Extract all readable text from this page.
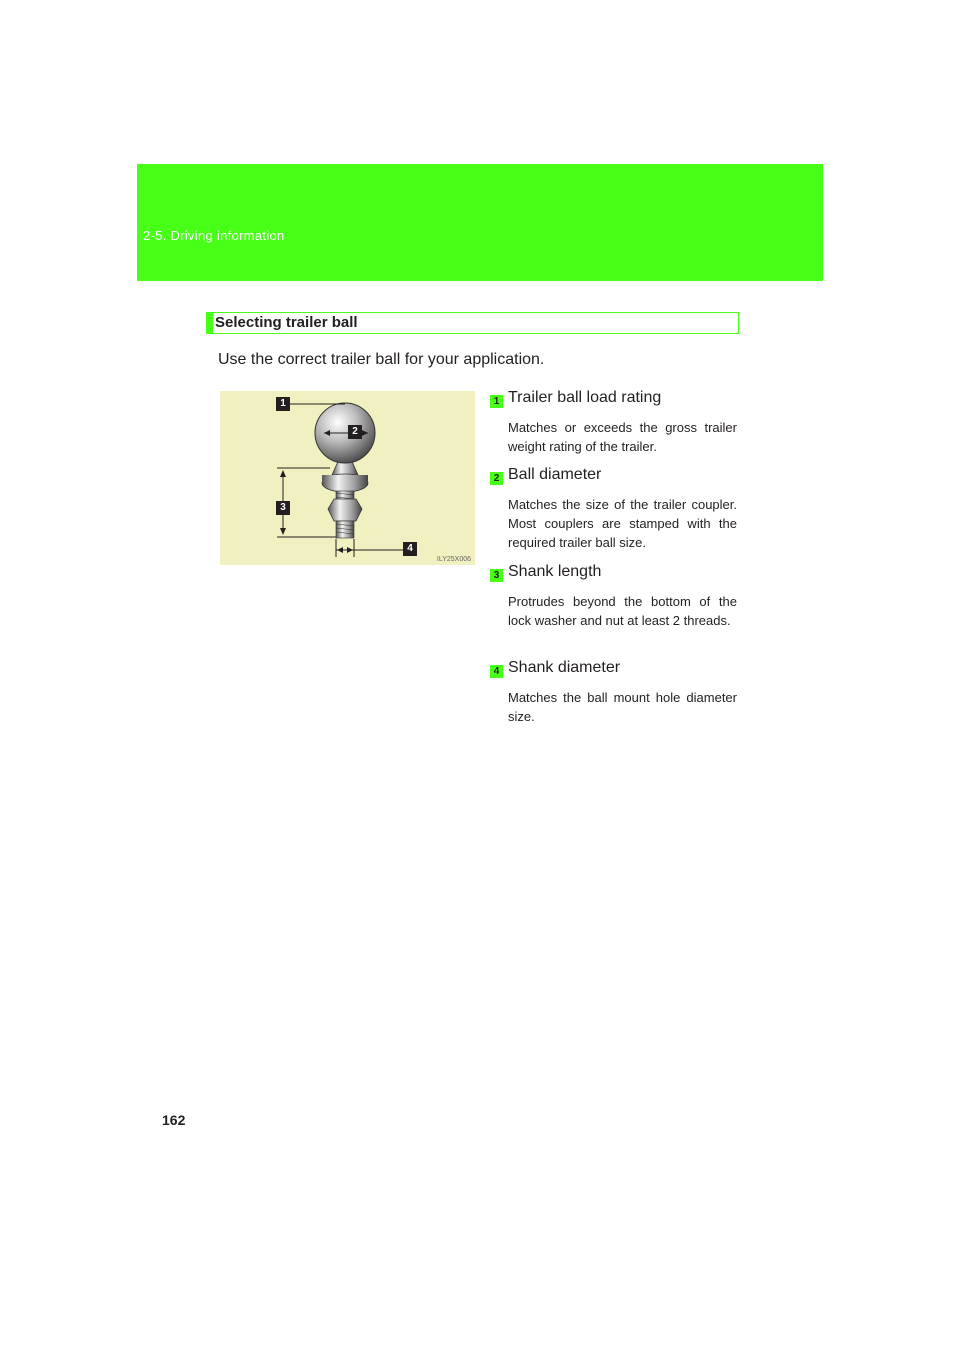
2-5. Driving information
Selecting trailer ball
Use the correct trailer ball for your application.
1
2
3
4
ILY25X006
1 Trailer ball load rating
Matches or exceeds the gross trailer weight rating of the trailer.
2 Ball diameter
Matches the size of the trailer coupler. Most couplers are stamped with the required trailer ball size.
3 Shank length
Protrudes beyond the bottom of the lock washer and nut at least 2 threads.
4 Shank diameter
Matches the ball mount hole diameter size.
162
carmanualsonline.info
